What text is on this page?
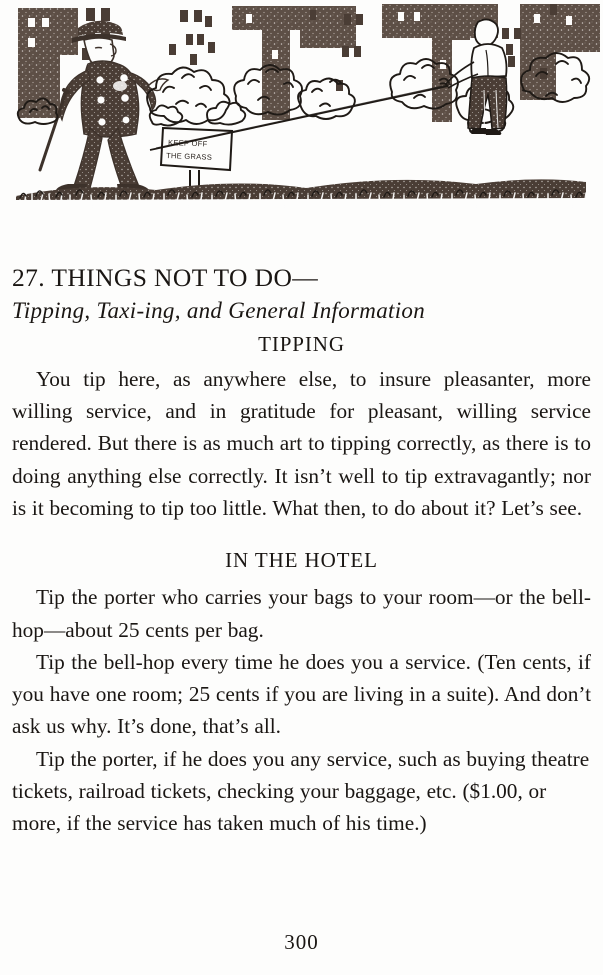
KEEP OFF
THE GRASS
27. THINGS NOT TO DO—
Tipping, Taxi-ing, and General Information
TIPPING

You tip here, as anywhere else, to insure pleasanter, more willing service, and in gratitude for pleasant, willing service rendered. But there is as much art to tipping correctly, as there is to doing anything else correctly. It isn’t well to tip extravagantly; nor is it becoming to tip too little. What then, to do about it? Let’s see.

IN THE HOTEL

Tip the porter who carries your bags to your room—or the bell-hop—about 25 cents per bag.

Tip the bell-hop every time he does you a service. (Ten cents, if you have one room; 25 cents if you are living in a suite). And don’t ask us why. It’s done, that’s all.

Tip the porter, if he does you any service, such as buying theatre tickets, railroad tickets, checking your baggage, etc. ($1.00, or more, if the service has taken much of his time.)

300
